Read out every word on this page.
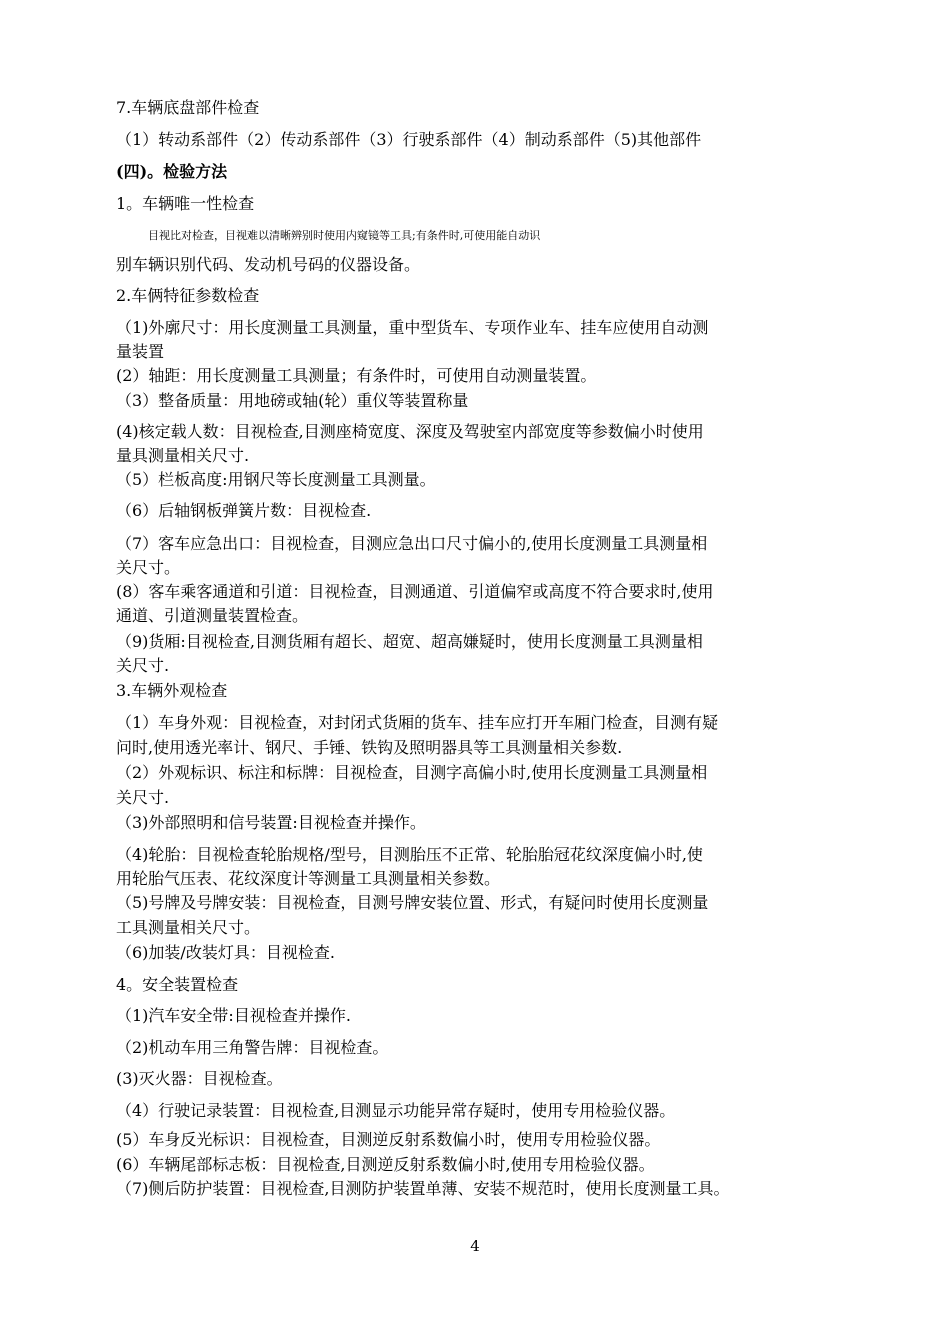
7.车辆底盘部件检查
（1）转动系部件（2）传动系部件（3）行驶系部件（4）制动系部件（5)其他部件
(四)。检验方法
1。车辆唯一性检查
目视比对检查，目视难以清晰辨别时使用内窥镜等工具;有条件时,可使用能自动识
别车辆识别代码、发动机号码的仪器设备。
2.车俩特征参数检查
（1)外廓尺寸：用长度测量工具测量，重中型货车、专项作业车、挂车应使用自动测
量装置
(2）轴距：用长度测量工具测量；有条件时，可使用自动测量装置。
（3）整备质量：用地磅或轴(轮）重仪等装置称量
(4)核定载人数：目视检查,目测座椅宽度、深度及驾驶室内部宽度等参数偏小时使用
量具测量相关尺寸.
（5）栏板高度:用钢尺等长度测量工具测量。
（6）后轴钢板弹簧片数：目视检查.
（7）客车应急出口：目视检查，目测应急出口尺寸偏小的,使用长度测量工具测量相
关尺寸。
(8）客车乘客通道和引道：目视检查，目测通道、引道偏窄或高度不符合要求时,使用
通道、引道测量装置检查。
（9)货厢:目视检查,目测货厢有超长、超宽、超高嫌疑时，使用长度测量工具测量相
关尺寸.
3.车辆外观检查
（1）车身外观：目视检查，对封闭式货厢的货车、挂车应打开车厢门检查，目测有疑
问时,使用透光率计、钢尺、手锤、铁钩及照明器具等工具测量相关参数.
（2）外观标识、标注和标牌：目视检查，目测字高偏小时,使用长度测量工具测量相
关尺寸.
（3)外部照明和信号装置:目视检查并操作。
（4)轮胎：目视检查轮胎规格/型号，目测胎压不正常、轮胎胎冠花纹深度偏小时,使
用轮胎气压表、花纹深度计等测量工具测量相关参数。
（5)号牌及号牌安装：目视检查，目测号牌安装位置、形式，有疑问时使用长度测量
工具测量相关尺寸。
（6)加装/改装灯具：目视检查.
4。安全装置检查
（1)汽车安全带:目视检查并操作.
（2)机动车用三角警告牌：目视检查。
(3)灭火器：目视检查。
（4）行驶记录装置：目视检查,目测显示功能异常存疑时，使用专用检验仪器。
(5）车身反光标识：目视检查，目测逆反射系数偏小时，使用专用检验仪器。
(6）车辆尾部标志板：目视检查,目测逆反射系数偏小时,使用专用检验仪器。
（7)侧后防护装置：目视检查,目测防护装置单薄、安装不规范时，使用长度测量工具。
4
